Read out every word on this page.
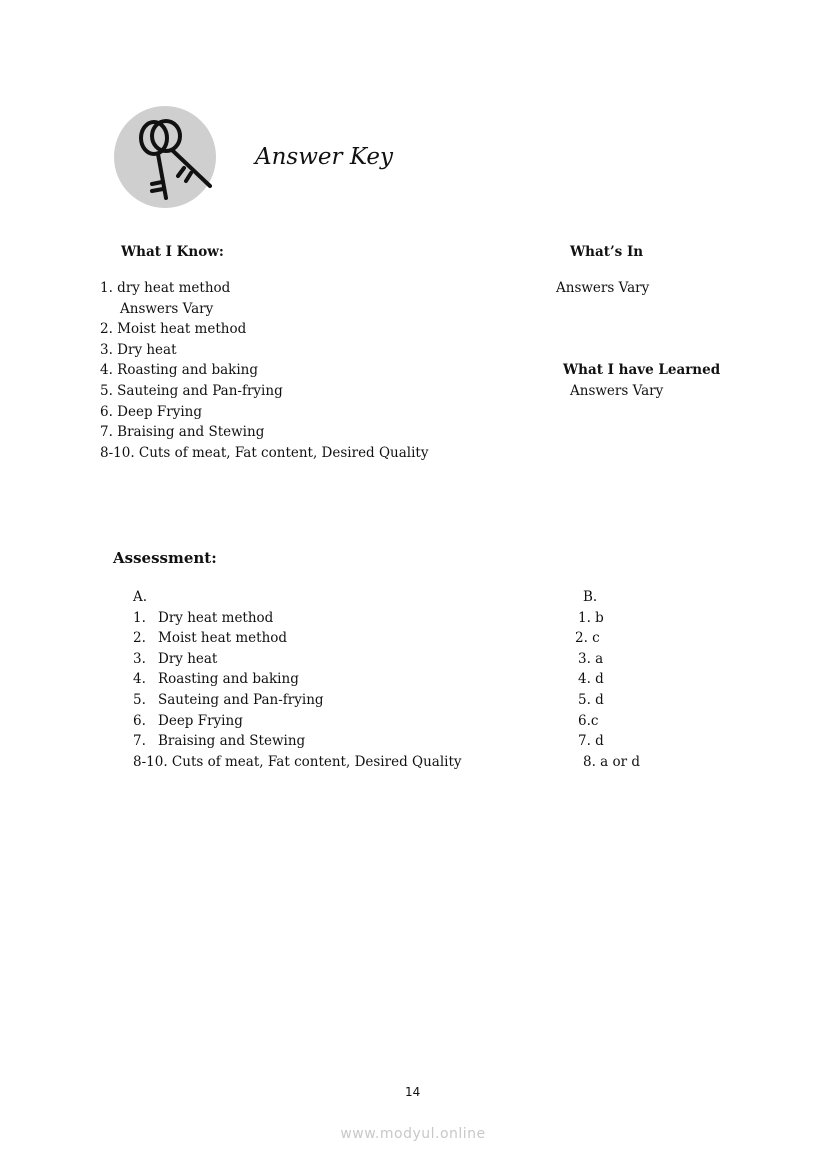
Answer Key
What I Know:
1. dry heat method
Answers Vary
2. Moist heat method
3. Dry heat
4. Roasting and baking
5. Sauteing and Pan-frying
6. Deep Frying
7. Braising and Stewing
8-10. Cuts of meat, Fat content, Desired Quality
What’s In
Answers Vary
What I have Learned
Answers Vary
Assessment:
A.
1. Dry heat method
2. Moist heat method
3. Dry heat
4. Roasting and baking
5. Sauteing and Pan-frying
6. Deep Frying
7. Braising and Stewing
8-10. Cuts of meat, Fat content, Desired Quality
B.
1. b
2. c
3. a
4. d
5. d
6.c
7. d
8. a or d
14
www.modyul.online
